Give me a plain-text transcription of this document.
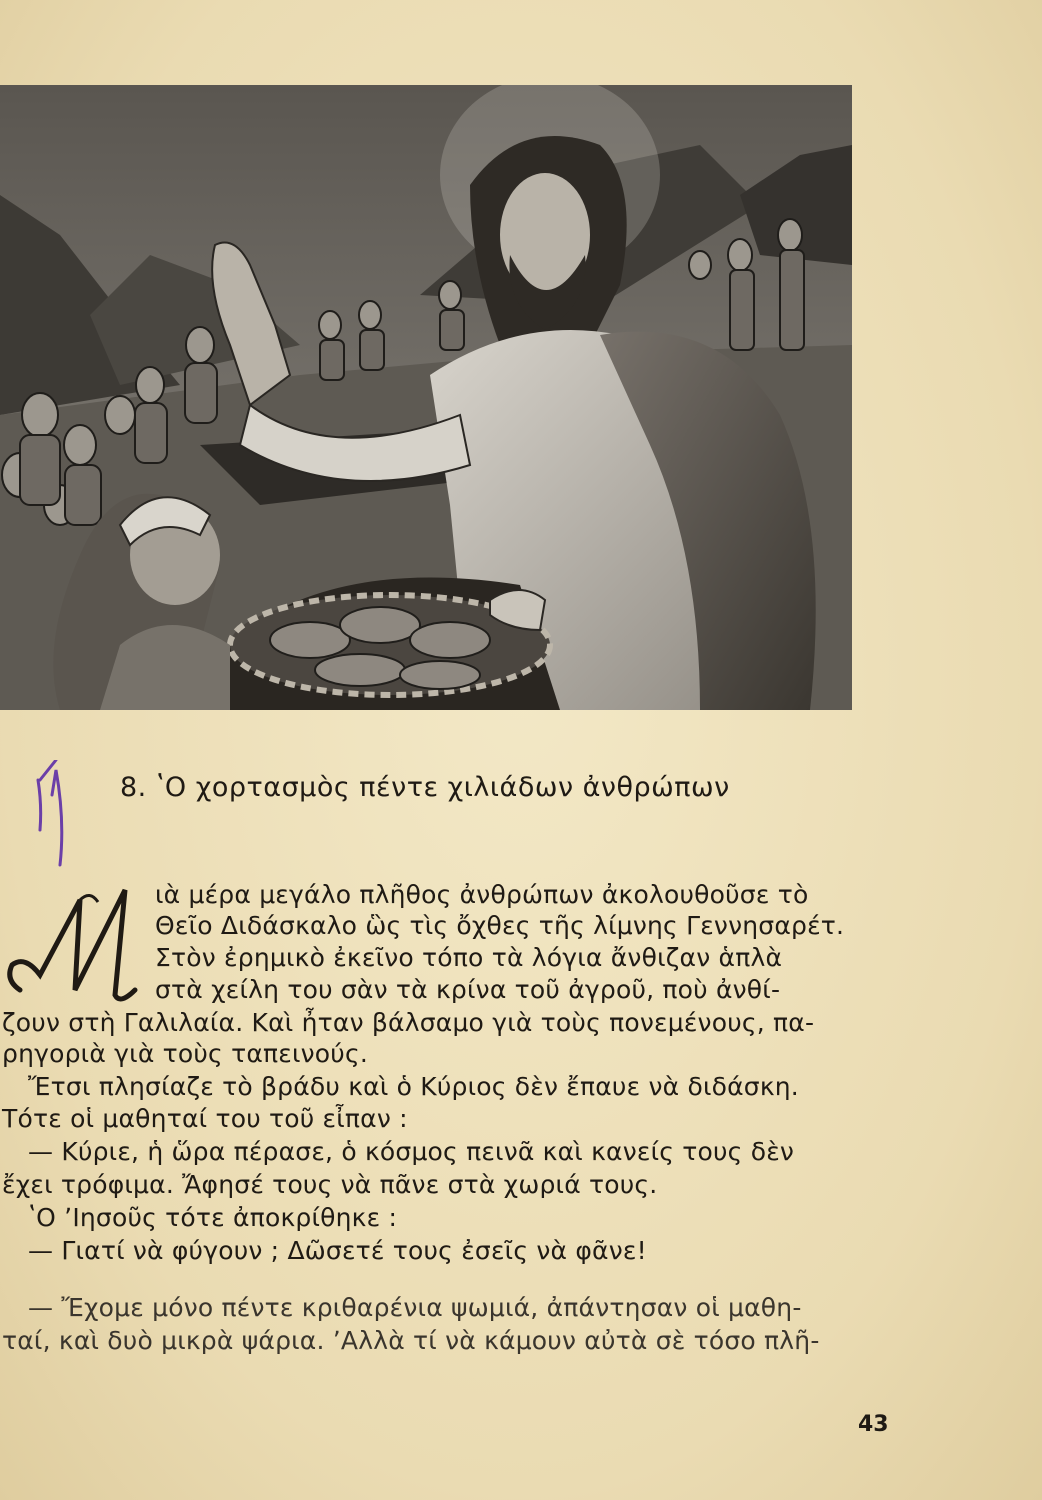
8. ʽΟ χορτασμὸς πέντε χιλιάδων ἀνθρώπων
ιὰ μέρα μεγάλο πλῆθος ἀνθρώπων ἀκολουθοῦσε τὸ
Θεῖο Διδάσκαλο ὣς τὶς ὄχθες τῆς λίμνης Γεννησαρέτ.
Στὸν ἐρημικὸ ἐκεῖνο τόπο τὰ λόγια ἄνθιζαν ἁπλὰ
στὰ χείλη του σὰν τὰ κρίνα τοῦ ἀγροῦ, ποὺ ἀνθί-
ζουν στὴ Γαλιλαία. Καὶ ἦταν βάλσαμο γιὰ τοὺς πονεμένους, πα-
ρηγοριὰ γιὰ τοὺς ταπεινούς.
Ἔτσι πλησίαζε τὸ βράδυ καὶ ὁ Κύριος δὲν ἔπαυε νὰ διδάσκη.
Τότε οἱ μαθηταί του τοῦ εἶπαν :
— Κύριε, ἡ ὥρα πέρασε, ὁ κόσμος πεινᾶ καὶ κανείς τους δὲν
ἔχει τρόφιμα. Ἄφησέ τους νὰ πᾶνε στὰ χωριά τους.
ʽΟ ʼΙησοῦς τότε ἀποκρίθηκε :
— Γιατί νὰ φύγουν ; Δῶσετέ τους ἐσεῖς νὰ φᾶνε!
— Ἔχομε μόνο πέντε κριθαρένια ψωμιά, ἀπάντησαν οἱ μαθη-
ταί, καὶ δυὸ μικρὰ ψάρια. ʼΑλλὰ τί νὰ κάμουν αὐτὰ σὲ τόσο πλῆ-
43
